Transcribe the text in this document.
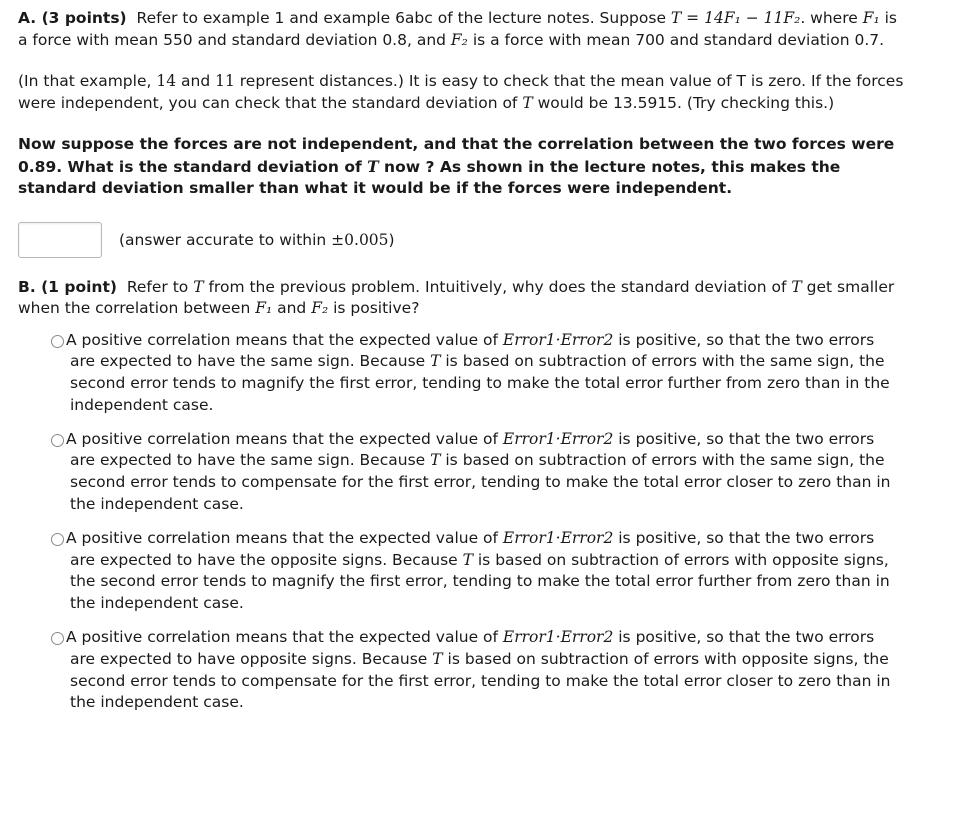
A. (3 points) Refer to example 1 and example 6abc of the lecture notes. Suppose T = 14F₁ − 11F₂. where F₁ is a force with mean 550 and standard deviation 0.8, and F₂ is a force with mean 700 and standard deviation 0.7.

(In that example, 14 and 11 represent distances.) It is easy to check that the mean value of T is zero. If the forces were independent, you can check that the standard deviation of T would be 13.5915. (Try checking this.)

Now suppose the forces are not independent, and that the correlation between the two forces were 0.89. What is the standard deviation of T now ? As shown in the lecture notes, this makes the standard deviation smaller than what it would be if the forces were independent.

(answer accurate to within ±0.005)

B. (1 point) Refer to T from the previous problem. Intuitively, why does the standard deviation of T get smaller when the correlation between F₁ and F₂ is positive?

A positive correlation means that the expected value of Error1·Error2 is positive, so that the two errors are expected to have the same sign. Because T is based on subtraction of errors with the same sign, the second error tends to magnify the first error, tending to make the total error further from zero than in the independent case.
A positive correlation means that the expected value of Error1·Error2 is positive, so that the two errors are expected to have the same sign. Because T is based on subtraction of errors with the same sign, the second error tends to compensate for the first error, tending to make the total error closer to zero than in the independent case.
A positive correlation means that the expected value of Error1·Error2 is positive, so that the two errors are expected to have the opposite signs. Because T is based on subtraction of errors with opposite signs, the second error tends to magnify the first error, tending to make the total error further from zero than in the independent case.
A positive correlation means that the expected value of Error1·Error2 is positive, so that the two errors are expected to have opposite signs. Because T is based on subtraction of errors with opposite signs, the second error tends to compensate for the first error, tending to make the total error closer to zero than in the independent case.
